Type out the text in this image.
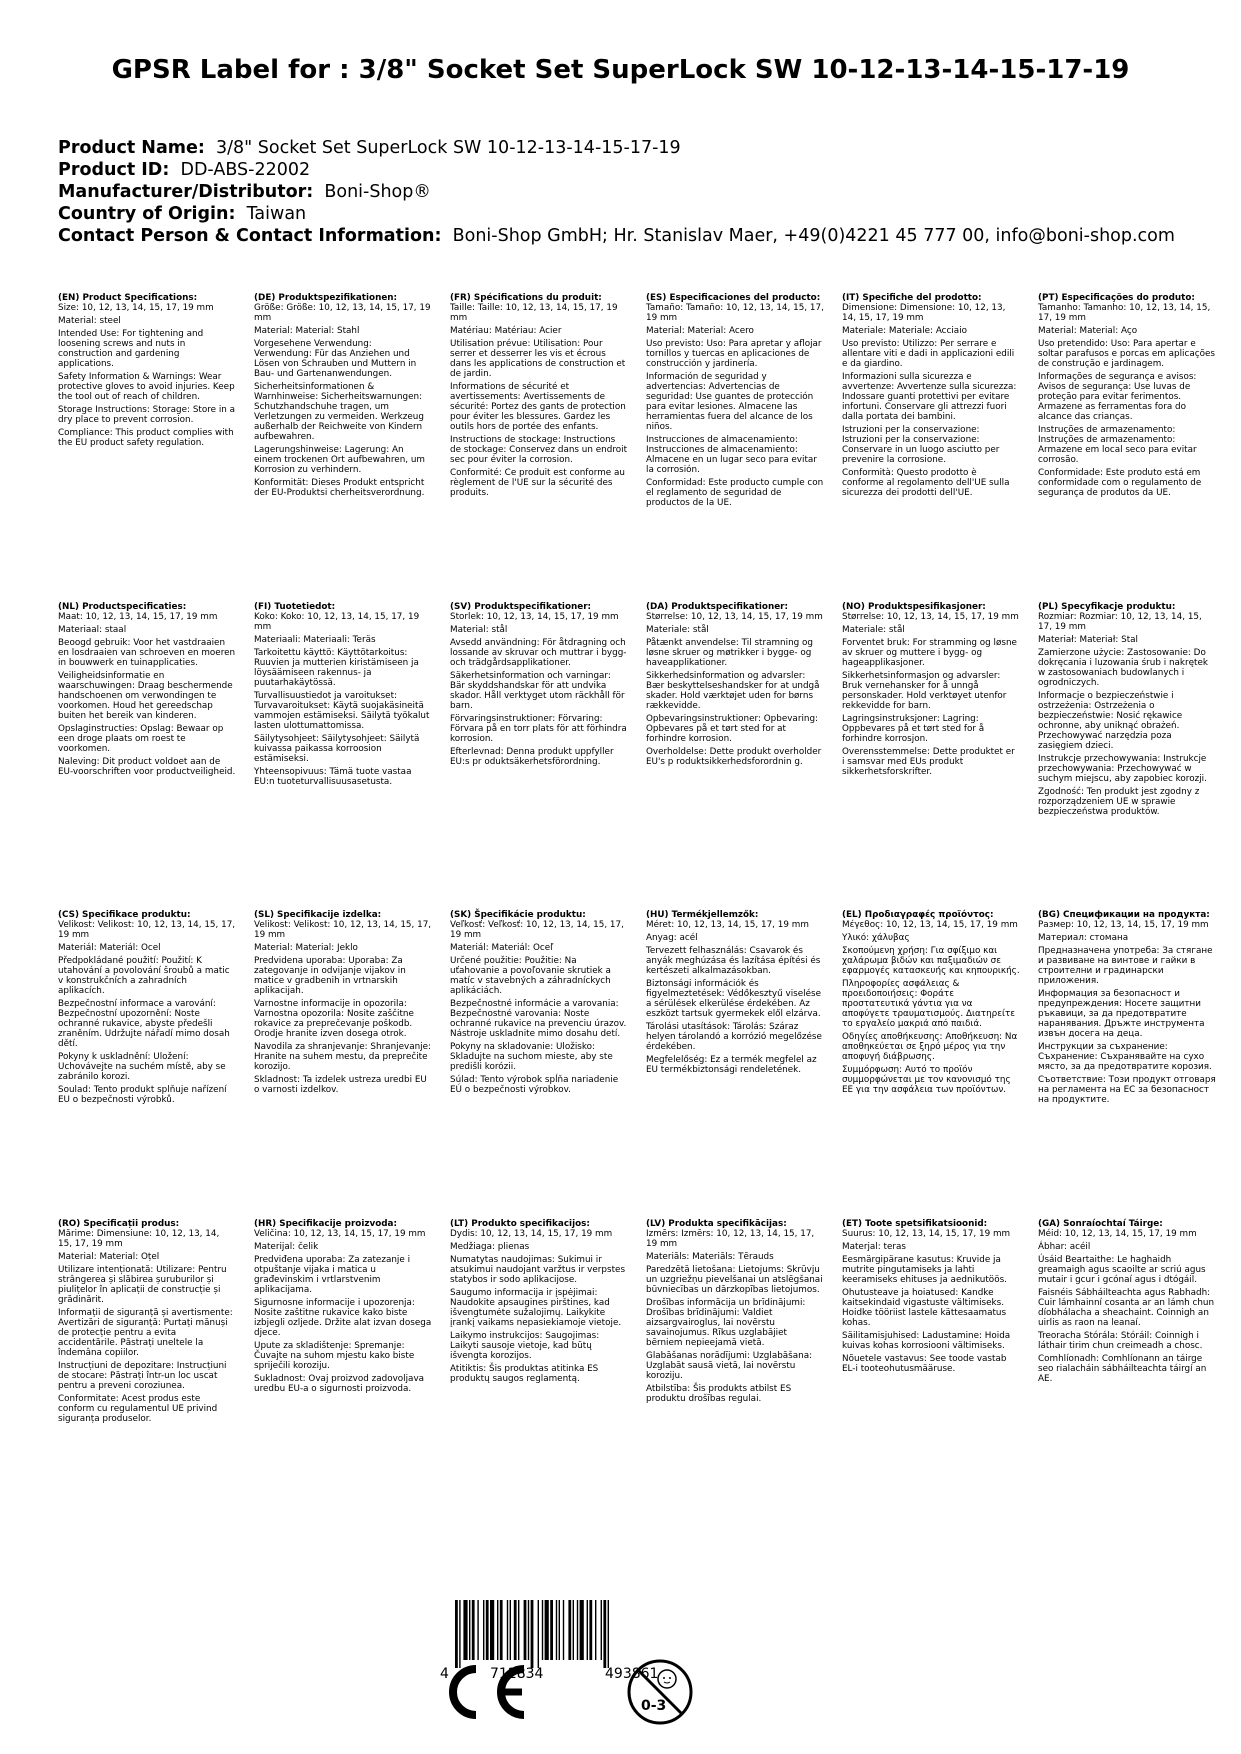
GPSR Label for : 3/8" Socket Set SuperLock SW 10-12-13-14-15-17-19
Product Name: 3/8" Socket Set SuperLock SW 10-12-13-14-15-17-19
Product ID: DD-ABS-22002
Manufacturer/Distributor: Boni-Shop®
Country of Origin: Taiwan
Contact Person & Contact Information: Boni-Shop GmbH; Hr. Stanislav Maer, +49(0)4221 45 777 00, info@boni-shop.com
(EN) Product Specifications:

Size: 10, 12, 13, 14, 15, 17, 19 mm

Material: steel

Intended Use: For tightening and loosening screws and nuts in construction and gardening applications.

Safety Information & Warnings: Wear protective gloves to avoid injuries. Keep the tool out of reach of children.

Storage Instructions: Storage: Store in a dry place to prevent corrosion.

Compliance: This product complies with the EU product safety regulation.

(DE) Produktspezifikationen:

Größe: Größe: 10, 12, 13, 14, 15, 17, 19 mm

Material: Material: Stahl

Vorgesehene Verwendung: Verwendung: Für das Anziehen und Lösen von Schrauben und Muttern in Bau- und Gartenanwendungen.

Sicherheitsinformationen & Warnhinweise: Sicherheitswarnungen: Schutzhandschuhe tragen, um Verletzungen zu vermeiden. Werkzeug außerhalb der Reichweite von Kindern aufbewahren.

Lagerungshinweise: Lagerung: An einem trockenen Ort aufbewahren, um Korrosion zu verhindern.

Konformität: Dieses Produkt entspricht der EU-Produktsi cherheitsverordnung.

(FR) Spécifications du produit:

Taille: Taille: 10, 12, 13, 14, 15, 17, 19 mm

Matériau: Matériau: Acier

Utilisation prévue: Utilisation: Pour serrer et desserrer les vis et écrous dans les applications de construction et de jardin.

Informations de sécurité et avertissements: Avertissements de sécurité: Portez des gants de protection pour éviter les blessures. Gardez les outils hors de portée des enfants.

Instructions de stockage: Instructions de stockage: Conservez dans un endroit sec pour éviter la corrosion.

Conformité: Ce produit est conforme au règlement de l'UE sur la sécurité des produits.

(ES) Especificaciones del producto:

Tamaño: Tamaño: 10, 12, 13, 14, 15, 17, 19 mm

Material: Material: Acero

Uso previsto: Uso: Para apretar y aflojar tornillos y tuercas en aplicaciones de construcción y jardinería.

Información de seguridad y advertencias: Advertencias de seguridad: Use guantes de protección para evitar lesiones. Almacene las herramientas fuera del alcance de los niños.

Instrucciones de almacenamiento: Instrucciones de almacenamiento: Almacene en un lugar seco para evitar la corrosión.

Conformidad: Este producto cumple con el reglamento de seguridad de productos de la UE.

(IT) Specifiche del prodotto:

Dimensione: Dimensione: 10, 12, 13, 14, 15, 17, 19 mm

Materiale: Materiale: Acciaio

Uso previsto: Utilizzo: Per serrare e allentare viti e dadi in applicazioni edili e da giardino.

Informazioni sulla sicurezza e avvertenze: Avvertenze sulla sicurezza: Indossare guanti protettivi per evitare infortuni. Conservare gli attrezzi fuori dalla portata dei bambini.

Istruzioni per la conservazione: Istruzioni per la conservazione: Conservare in un luogo asciutto per prevenire la corrosione.

Conformità: Questo prodotto è conforme al regolamento dell'UE sulla sicurezza dei prodotti dell'UE.

(PT) Especificações do produto:

Tamanho: Tamanho: 10, 12, 13, 14, 15, 17, 19 mm

Material: Material: Aço

Uso pretendido: Uso: Para apertar e soltar parafusos e porcas em aplicações de construção e jardinagem.

Informações de segurança e avisos: Avisos de segurança: Use luvas de proteção para evitar ferimentos. Armazene as ferramentas fora do alcance das crianças.

Instruções de armazenamento: Instruções de armazenamento: Armazene em local seco para evitar corrosão.

Conformidade: Este produto está em conformidade com o regulamento de segurança de produtos da UE.

(NL) Productspecificaties:

Maat: 10, 12, 13, 14, 15, 17, 19 mm

Materiaal: staal

Beoogd gebruik: Voor het vastdraaien en losdraaien van schroeven en moeren in bouwwerk en tuinapplicaties.

Veiligheidsinformatie en waarschuwingen: Draag beschermende handschoenen om verwondingen te voorkomen. Houd het gereedschap buiten het bereik van kinderen.

Opslaginstructies: Opslag: Bewaar op een droge plaats om roest te voorkomen.

Naleving: Dit product voldoet aan de EU-voorschriften voor productveiligheid.

(FI) Tuotetiedot:

Koko: Koko: 10, 12, 13, 14, 15, 17, 19 mm

Materiaali: Materiaali: Teräs

Tarkoitettu käyttö: Käyttötarkoitus: Ruuvien ja mutterien kiristämiseen ja löysäämiseen rakennus- ja puutarhakäytössä.

Turvallisuustiedot ja varoitukset: Turvavaroitukset: Käytä suojakäsineitä vammojen estämiseksi. Säilytä työkalut lasten ulottumattomissa.

Säilytysohjeet: Säilytysohjeet: Säilytä kuivassa paikassa korroosion estämiseksi.

Yhteensopivuus: Tämä tuote vastaa EU:n tuoteturvallisuusasetusta.

(SV) Produktspecifikationer:

Storlek: 10, 12, 13, 14, 15, 17, 19 mm

Material: stål

Avsedd användning: För åtdragning och lossande av skruvar och muttrar i bygg- och trädgårdsapplikationer.

Säkerhetsinformation och varningar: Bär skyddshandskar för att undvika skador. Håll verktyget utom räckhåll för barn.

Förvaringsinstruktioner: Förvaring: Förvara på en torr plats för att förhindra korrosion.

Efterlevnad: Denna produkt uppfyller EU:s pr oduktsäkerhetsförordning.

(DA) Produktspecifikationer:

Størrelse: 10, 12, 13, 14, 15, 17, 19 mm

Materiale: stål

Påtænkt anvendelse: Til stramning og løsne skruer og møtrikker i bygge- og haveapplikationer.

Sikkerhedsinformation og advarsler: Bær beskyttelseshandsker for at undgå skader. Hold værktøjet uden for børns rækkevidde.

Opbevaringsinstruktioner: Opbevaring: Opbevares på et tørt sted for at forhindre korrosion.

Overholdelse: Dette produkt overholder EU's p roduktsikkerhedsforordnin g.

(NO) Produktspesifikasjoner:

Størrelse: 10, 12, 13, 14, 15, 17, 19 mm

Materiale: stål

Forventet bruk: For stramming og løsne av skruer og muttere i bygg- og hageapplikasjoner.

Sikkerhetsinformasjon og advarsler: Bruk vernehansker for å unngå personskader. Hold verktøyet utenfor rekkevidde for barn.

Lagringsinstruksjoner: Lagring: Oppbevares på et tørt sted for å forhindre korrosjon.

Overensstemmelse: Dette produktet er i samsvar med EUs produkt sikkerhetsforskrifter.

(PL) Specyfikacje produktu:

Rozmiar: Rozmiar: 10, 12, 13, 14, 15, 17, 19 mm

Materiał: Materiał: Stal

Zamierzone użycie: Zastosowanie: Do dokręcania i luzowania śrub i nakrętek w zastosowaniach budowlanych i ogrodniczych.

Informacje o bezpieczeństwie i ostrzeżenia: Ostrzeżenia o bezpieczeństwie: Nosić rękawice ochronne, aby uniknąć obrażeń. Przechowywać narzędzia poza zasięgiem dzieci.

Instrukcje przechowywania: Instrukcje przechowywania: Przechowywać w suchym miejscu, aby zapobiec korozji.

Zgodność: Ten produkt jest zgodny z rozporządzeniem UE w sprawie bezpieczeństwa produktów.

(CS) Specifikace produktu:

Velikost: Velikost: 10, 12, 13, 14, 15, 17, 19 mm

Materiál: Materiál: Ocel

Předpokládané použití: Použití: K utahování a povolování šroubů a matic v konstrukčních a zahradních aplikacích.

Bezpečnostní informace a varování: Bezpečnostní upozornění: Noste ochranné rukavice, abyste předešli zraněním. Udržujte nářadí mimo dosah dětí.

Pokyny k uskladnění: Uložení: Uchovávejte na suchém místě, aby se zabránilo korozi.

Soulad: Tento produkt splňuje nařízení EU o bezpečnosti výrobků.

(SL) Specifikacije izdelka:

Velikost: Velikost: 10, 12, 13, 14, 15, 17, 19 mm

Material: Material: Jeklo

Predvidena uporaba: Uporaba: Za zategovanje in odvijanje vijakov in matice v gradbenih in vrtnarskih aplikacijah.

Varnostne informacije in opozorila: Varnostna opozorila: Nosite zaščitne rokavice za preprečevanje poškodb. Orodje hranite izven dosega otrok.

Navodila za shranjevanje: Shranjevanje: Hranite na suhem mestu, da preprečite korozijo.

Skladnost: Ta izdelek ustreza uredbi EU o varnosti izdelkov.

(SK) Špecifikácie produktu:

Veľkosť: Veľkosť: 10, 12, 13, 14, 15, 17, 19 mm

Materiál: Materiál: Oceľ

Určené použitie: Použitie: Na uťahovanie a povoľovanie skrutiek a matíc v stavebných a záhradníckych aplikáciách.

Bezpečnostné informácie a varovania: Bezpečnostné varovania: Noste ochranné rukavice na prevenciu úrazov. Nástroje uskladnite mimo dosahu detí.

Pokyny na skladovanie: Uložisko: Skladujte na suchom mieste, aby ste predišli korózii.

Súlad: Tento výrobok spĺňa nariadenie EÚ o bezpečnosti výrobkov.

(HU) Termékjellemzők:

Méret: 10, 12, 13, 14, 15, 17, 19 mm

Anyag: acél

Tervezett felhasználás: Csavarok és anyák meghúzása és lazítása építési és kertészeti alkalmazásokban.

Biztonsági információk és figyelmeztetések: Védőkesztyű viselése a sérülések elkerülése érdekében. Az eszközt tartsuk gyermekek elől elzárva.

Tárolási utasítások: Tárolás: Száraz helyen tárolandó a korrózió megelőzése érdekében.

Megfelelőség: Ez a termék megfelel az EU termékbiztonsági rendeletének.

(EL) Προδιαγραφές προϊόντος:

Μέγεθος: 10, 12, 13, 14, 15, 17, 19 mm

Υλικό: χάλυβας

Σκοπούμενη χρήση: Για σφίξιμο και χαλάρωμα βιδών και παξιμαδιών σε εφαρμογές κατασκευής και κηπουρικής.

Πληροφορίες ασφάλειας & προειδοποιήσεις: Φοράτε προστατευτικά γάντια για να αποφύγετε τραυματισμούς. Διατηρείτε το εργαλείο μακριά από παιδιά.

Οδηγίες αποθήκευσης: Αποθήκευση: Να αποθηκεύεται σε ξηρό μέρος για την αποφυγή διάβρωσης.

Συμμόρφωση: Αυτό το προϊόν συμμορφώνεται με τον κανονισμό της ΕΕ για την ασφάλεια των προϊόντων.

(BG) Спецификации на продукта:

Размер: 10, 12, 13, 14, 15, 17, 19 mm

Материал: стомана

Предназначена употреба: За стягане и развиване на винтове и гайки в строителни и градинарски приложения.

Информация за безопасност и предупреждения: Носете защитни ръкавици, за да предотвратите наранявания. Дръжте инструмента извън досега на деца.

Инструкции за съхранение: Съхранение: Съхранявайте на сухо място, за да предотвратите корозия.

Съответствие: Този продукт отговаря на регламента на ЕС за безопасност на продуктите.

(RO) Specificații produs:

Mărime: Dimensiune: 10, 12, 13, 14, 15, 17, 19 mm

Material: Material: Oțel

Utilizare intenționată: Utilizare: Pentru strângerea și slăbirea șuruburilor și piulițelor în aplicații de construcție și grădinărit.

Informații de siguranță și avertismente: Avertizări de siguranță: Purtați mănuși de protecție pentru a evita accidentările. Păstrați uneltele la îndemâna copiilor.

Instrucțiuni de depozitare: Instrucțiuni de stocare: Păstrați într-un loc uscat pentru a preveni coroziunea.

Conformitate: Acest produs este conform cu regulamentul UE privind siguranța produselor.

(HR) Specifikacije proizvoda:

Veličina: 10, 12, 13, 14, 15, 17, 19 mm

Materijal: čelik

Predviđena uporaba: Za zatezanje i otpuštanje vijaka i matica u građevinskim i vrtlarstvenim aplikacijama.

Sigurnosne informacije i upozorenja: Nosite zaštitne rukavice kako biste izbjegli ozljede. Držite alat izvan dosega djece.

Upute za skladištenje: Spremanje: Čuvajte na suhom mjestu kako biste spriječili koroziju.

Sukladnost: Ovaj proizvod zadovoljava uredbu EU-a o sigurnosti proizvoda.

(LT) Produkto specifikacijos:

Dydis: 10, 12, 13, 14, 15, 17, 19 mm

Medžiaga: plienas

Numatytas naudojimas: Sukimui ir atsukimui naudojant varžtus ir verpstes statybos ir sodo aplikacijose.

Saugumo informacija ir įspėjimai: Naudokite apsaugines pirštines, kad išvengtumėte sužalojimų. Laikykite įrankį vaikams nepasiekiamoje vietoje.

Laikymo instrukcijos: Saugojimas: Laikyti sausoje vietoje, kad būtų išvengta korozijos.

Atitiktis: Šis produktas atitinka ES produktų saugos reglamentą.

(LV) Produkta specifikācijas:

Izmērs: Izmērs: 10, 12, 13, 14, 15, 17, 19 mm

Materiāls: Materiāls: Tērauds

Paredzētā lietošana: Lietojums: Skrūvju un uzgriežņu pievelšanai un atslēgšanai būvniecības un dārzkopības lietojumos.

Drošības informācija un brīdinājumi: Drošības brīdinājumi: Valdiet aizsargvairoglus, lai novērstu savainojumus. Rīkus uzglabājiet bērniem nepieejamā vietā.

Glabāšanas norādījumi: Uzglabāšana: Uzglabāt sausā vietā, lai novērstu koroziju.

Atbilstība: Šis produkts atbilst ES produktu drošības regulai.

(ET) Toote spetsifikatsioonid:

Suurus: 10, 12, 13, 14, 15, 17, 19 mm

Materjal: teras

Eesmärgipärane kasutus: Kruvide ja mutrite pingutamiseks ja lahti keeramiseks ehituses ja aednikutöös.

Ohutusteave ja hoiatused: Kandke kaitsekindaid vigastuste vältimiseks. Hoidke tööriist lastele kättesaamatus kohas.

Säilitamisjuhised: Ladustamine: Hoida kuivas kohas korrosiooni vältimiseks.

Nõuetele vastavus: See toode vastab EL-i tooteohutusmääruse.

(GA) Sonraíochtaí Táirge:

Méid: 10, 12, 13, 14, 15, 17, 19 mm

Ábhar: acéil

Úsáid Beartaithe: Le haghaidh greamaigh agus scaoilte ar scriú agus mutair i gcur i gcónaí agus i dtógáil.

Faisnéis Sábháilteachta agus Rabhadh: Cuir lámhainní cosanta ar an lámh chun díobhálacha a sheachaint. Coinnigh an uirlis as raon na leanaí.

Treoracha Stórála: Stóráil: Coinnigh i láthair tirim chun creimeadh a chosc.

Comhlíonadh: Comhlíonann an táirge seo rialacháin sábháilteachta táirgí an AE.

4	712834	493861
0-3
